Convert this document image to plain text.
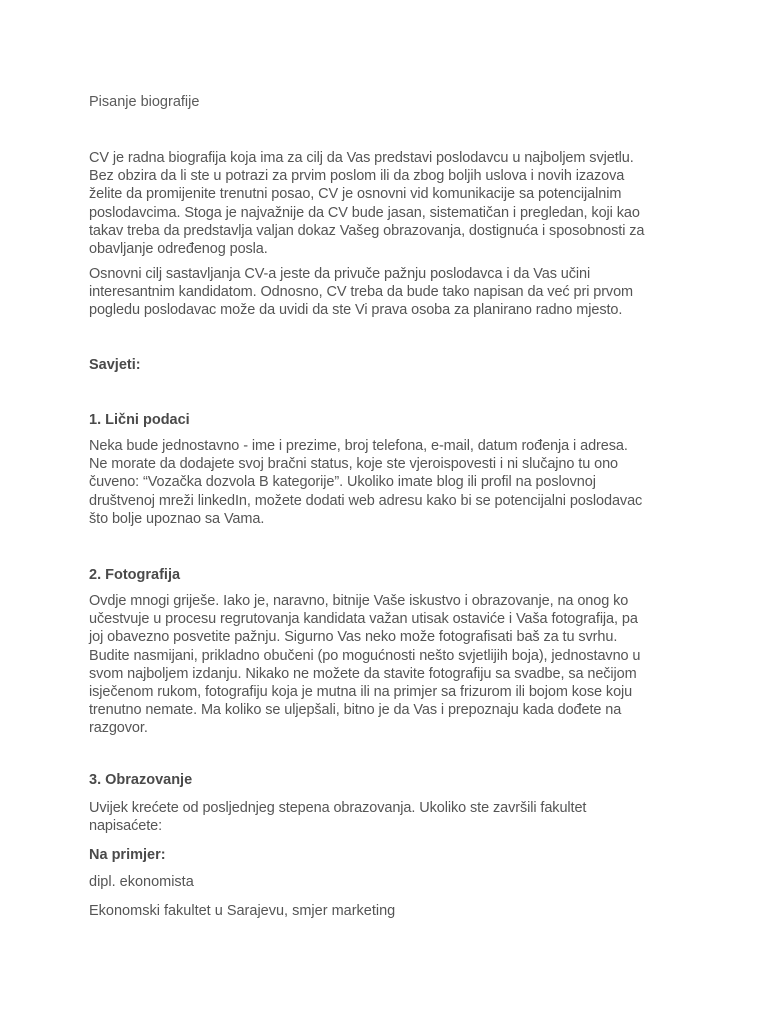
Pisanje biografije
CV je radna biografija koja ima za cilj da Vas predstavi poslodavcu u najboljem svjetlu.
Bez obzira da li ste u potrazi za prvim poslom ili da zbog boljih uslova i novih izazova
želite da promijenite trenutni posao, CV je osnovni vid komunikacije sa potencijalnim
poslodavcima. Stoga je najvažnije da CV bude jasan, sistematičan i pregledan, koji kao
takav treba da predstavlja valjan dokaz Vašeg obrazovanja, dostignuća i sposobnosti za
obavljanje određenog posla.
Osnovni cilj sastavljanja CV-a jeste da privuče pažnju poslodavca i da Vas učini
interesantnim kandidatom. Odnosno, CV treba da bude tako napisan da već pri prvom
pogledu poslodavac može da uvidi da ste Vi prava osoba za planirano radno mjesto.
Savjeti:
1. Lični podaci
Neka bude jednostavno - ime i prezime, broj telefona, e-mail, datum rođenja i adresa.
Ne morate da dodajete svoj bračni status, koje ste vjeroispovesti i ni slučajno tu ono
čuveno: “Vozačka dozvola B kategorije”. Ukoliko imate blog ili profil na poslovnoj
društvenoj mreži linkedIn, možete dodati web adresu kako bi se potencijalni poslodavac
što bolje upoznao sa Vama.
2. Fotografija
Ovdje mnogi griješe. Iako je, naravno, bitnije Vaše iskustvo i obrazovanje, na onog ko
učestvuje u procesu regrutovanja kandidata važan utisak ostaviće i Vaša fotografija, pa
joj obavezno posvetite pažnju. Sigurno Vas neko može fotografisati baš za tu svrhu.
Budite nasmijani, prikladno obučeni (po mogućnosti nešto svjetlijih boja), jednostavno u
svom najboljem izdanju. Nikako ne možete da stavite fotografiju sa svadbe, sa nečijom
isječenom rukom, fotografiju koja je mutna ili na primjer sa frizurom ili bojom kose koju
trenutno nemate. Ma koliko se uljepšali, bitno je da Vas i prepoznaju kada dođete na
razgovor.
3. Obrazovanje
Uvijek krećete od posljednjeg stepena obrazovanja. Ukoliko ste završili fakultet
napisaćete:
Na primjer:
dipl. ekonomista
Ekonomski fakultet u Sarajevu, smjer marketing
